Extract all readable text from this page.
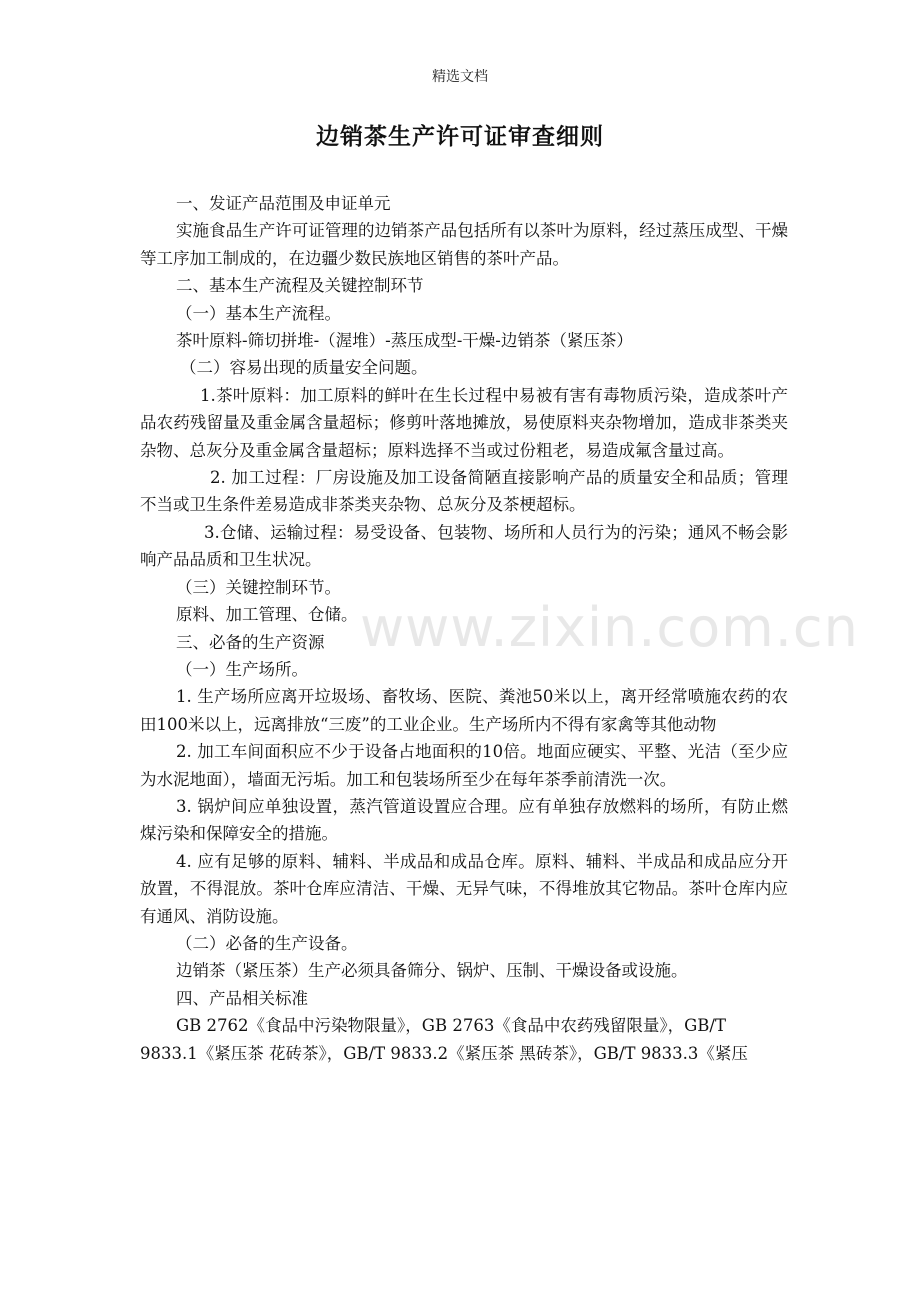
精选文档
边销茶生产许可证审查细则
www.zixin.com.cn

一、发证产品范围及申证单元

实施食品生产许可证管理的边销茶产品包括所有以茶叶为原料，经过蒸压成型、干燥等工序加工制成的，在边疆少数民族地区销售的茶叶产品。

二、基本生产流程及关键控制环节

（一）基本生产流程。

茶叶原料-筛切拼堆-（渥堆）-蒸压成型-干燥-边销茶（紧压茶）

（二）容易出现的质量安全问题。

1.茶叶原料：加工原料的鲜叶在生长过程中易被有害有毒物质污染，造成茶叶产品农药残留量及重金属含量超标；修剪叶落地摊放，易使原料夹杂物增加，造成非茶类夹杂物、总灰分及重金属含量超标；原料选择不当或过份粗老，易造成氟含量过高。

2. 加工过程：厂房设施及加工设备简陋直接影响产品的质量安全和品质；管理不当或卫生条件差易造成非茶类夹杂物、总灰分及茶梗超标。

3.仓储、运输过程：易受设备、包装物、场所和人员行为的污染；通风不畅会影响产品品质和卫生状况。

（三）关键控制环节。

原料、加工管理、仓储。

三、必备的生产资源

（一）生产场所。

1. 生产场所应离开垃圾场、畜牧场、医院、粪池50米以上，离开经常喷施农药的农田100米以上，远离排放“三废”的工业企业。生产场所内不得有家禽等其他动物

2. 加工车间面积应不少于设备占地面积的10倍。地面应硬实、平整、光洁（至少应为水泥地面），墙面无污垢。加工和包装场所至少在每年茶季前清洗一次。

3. 锅炉间应单独设置，蒸汽管道设置应合理。应有单独存放燃料的场所，有防止燃煤污染和保障安全的措施。

4. 应有足够的原料、辅料、半成品和成品仓库。原料、辅料、半成品和成品应分开放置，不得混放。茶叶仓库应清洁、干燥、无异气味，不得堆放其它物品。茶叶仓库内应有通风、消防设施。

（二）必备的生产设备。

边销茶（紧压茶）生产必须具备筛分、锅炉、压制、干燥设备或设施。

四、产品相关标准

GB 2762《食品中污染物限量》，GB 2763《食品中农药残留限量》，GB/T 9833.1《紧压茶 花砖茶》，GB/T 9833.2《紧压茶 黑砖茶》，GB/T 9833.3《紧压
